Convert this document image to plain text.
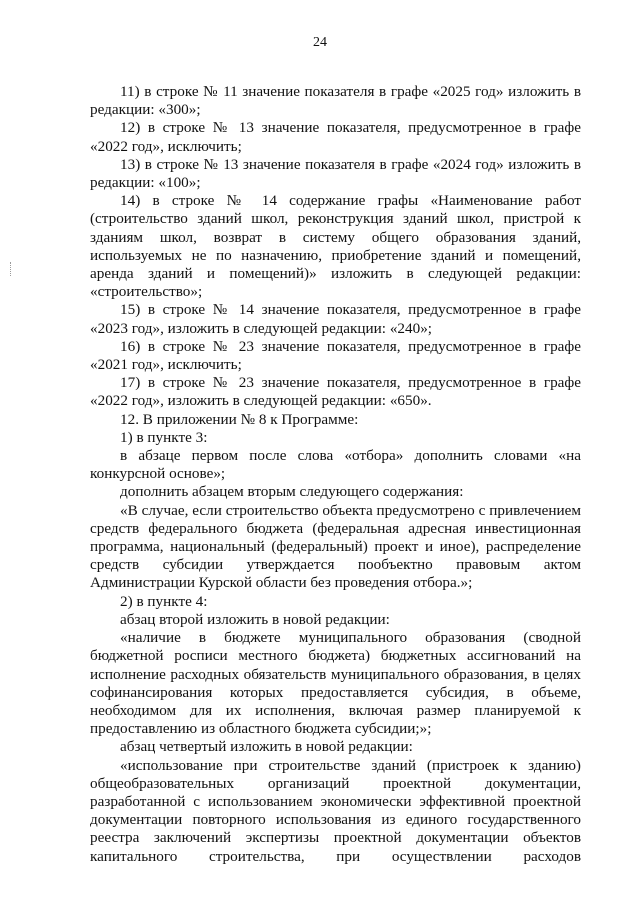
24

11) в строке № 11 значение показателя в графе «2025 год» изложить в редакции: «300»;

12) в строке № 13 значение показателя, предусмотренное в графе «2022 год», исключить;

13) в строке № 13 значение показателя в графе «2024 год» изложить в редакции: «100»;

14) в строке № 14 содержание графы «Наименование работ (строительство зданий школ, реконструкция зданий школ, пристрой к зданиям школ, возврат в систему общего образования зданий, используемых не по назначению, приобретение зданий и помещений, аренда зданий и помещений)» изложить в следующей редакции: «строительство»;

15) в строке № 14 значение показателя, предусмотренное в графе «2023 год», изложить в следующей редакции: «240»;

16) в строке № 23 значение показателя, предусмотренное в графе «2021 год», исключить;

17) в строке № 23 значение показателя, предусмотренное в графе «2022 год», изложить в следующей редакции: «650».

12. В приложении № 8 к Программе:

1) в пункте 3:

в абзаце первом после слова «отбора» дополнить словами «на конкурсной основе»;

дополнить абзацем вторым следующего содержания:

«В случае, если строительство объекта предусмотрено с привлечением средств федерального бюджета (федеральная адресная инвестиционная программа, национальный (федеральный) проект и иное), распределение средств субсидии утверждается пообъектно правовым актом Администрации Курской области без проведения отбора.»;

2) в пункте 4:

абзац второй изложить в новой редакции:

«наличие в бюджете муниципального образования (сводной бюджетной росписи местного бюджета) бюджетных ассигнований на исполнение расходных обязательств муниципального образования, в целях софинансирования которых предоставляется субсидия, в объеме, необходимом для их исполнения, включая размер планируемой к предоставлению из областного бюджета субсидии;»;

абзац четвертый изложить в новой редакции:

«использование при строительстве зданий (пристроек к зданию) общеобразовательных организаций проектной документации, разработанной с использованием экономически эффективной проектной документации повторного использования из единого государственного реестра заключений экспертизы проектной документации объектов капитального строительства, при осуществлении расходов
